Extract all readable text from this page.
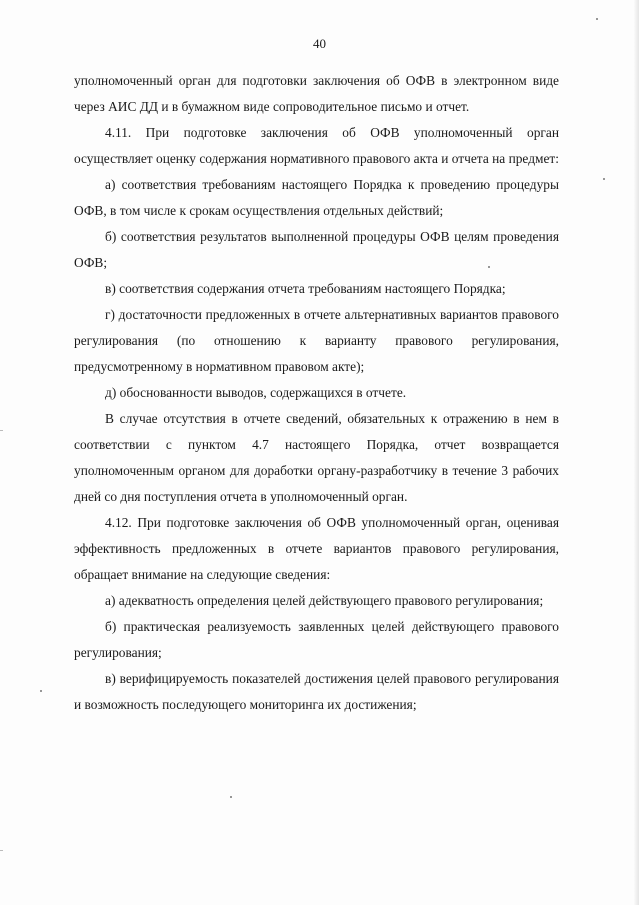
40

уполномоченный орган для подготовки заключения об ОФВ в электронном виде через АИС ДД и в бумажном виде сопроводительное письмо и отчет.

4.11. При подготовке заключения об ОФВ уполномоченный орган осуществляет оценку содержания нормативного правового акта и отчета на предмет:

а) соответствия требованиям настоящего Порядка к проведению процедуры ОФВ, в том числе к срокам осуществления отдельных действий;

б) соответствия результатов выполненной процедуры ОФВ целям проведения ОФВ;

в) соответствия содержания отчета требованиям настоящего Порядка;

г) достаточности предложенных в отчете альтернативных вариантов правового регулирования (по отношению к варианту правового регулирования, предусмотренному в нормативном правовом акте);

д) обоснованности выводов, содержащихся в отчете.

В случае отсутствия в отчете сведений, обязательных к отражению в нем в соответствии с пунктом 4.7 настоящего Порядка, отчет возвращается уполномоченным органом для доработки органу-разработчику в течение 3 рабочих дней со дня поступления отчета в уполномоченный орган.

4.12. При подготовке заключения об ОФВ уполномоченный орган, оценивая эффективность предложенных в отчете вариантов правового регулирования, обращает внимание на следующие сведения:

а) адекватность определения целей действующего правового регулирования;

б) практическая реализуемость заявленных целей действующего правового регулирования;

в) верифицируемость показателей достижения целей правового регулирования и возможность последующего мониторинга их достижения;
